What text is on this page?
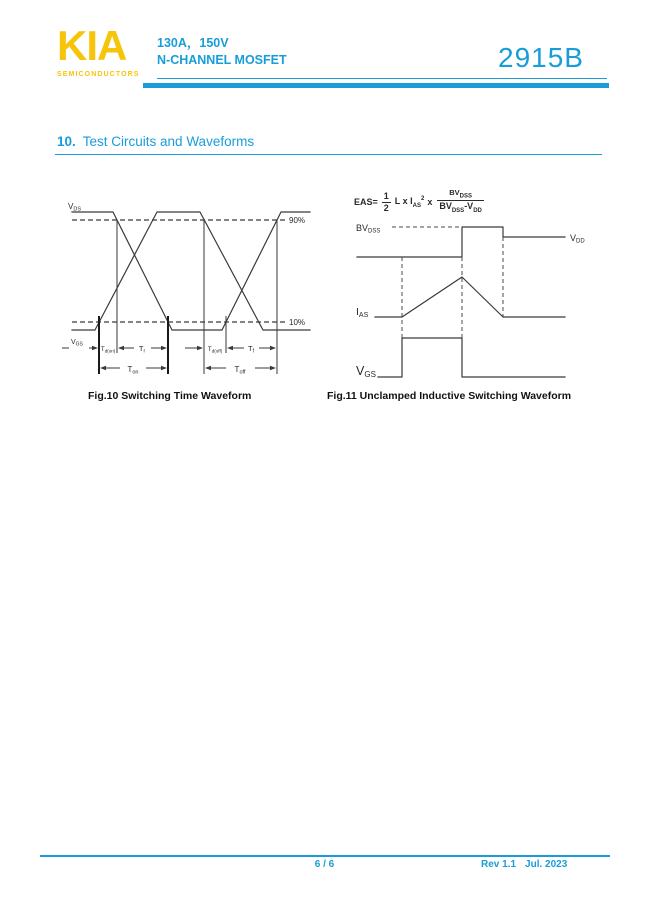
KIA
SEMICONDUCTORS
130A，150V
N-CHANNEL MOSFET	2915B
10. Test Circuits and Waveforms
VDS
90%
10%
VGS
$T_{d(on)}$	Tr	$T_{d(off)}$	Tf
Ton	Toff
$EAS= \frac{1}{2}$ L x $I_{AS}^2$ x $\frac{BV_{DSS}}{BV_{DSS}-V_{DD}}$
BVDSS
VDD
IAS
VGS
Fig.10 Switching Time Waveform	Fig.11 Unclamped Inductive Switching Waveform
6 / 6	Rev 1.1 Jul. 2023
